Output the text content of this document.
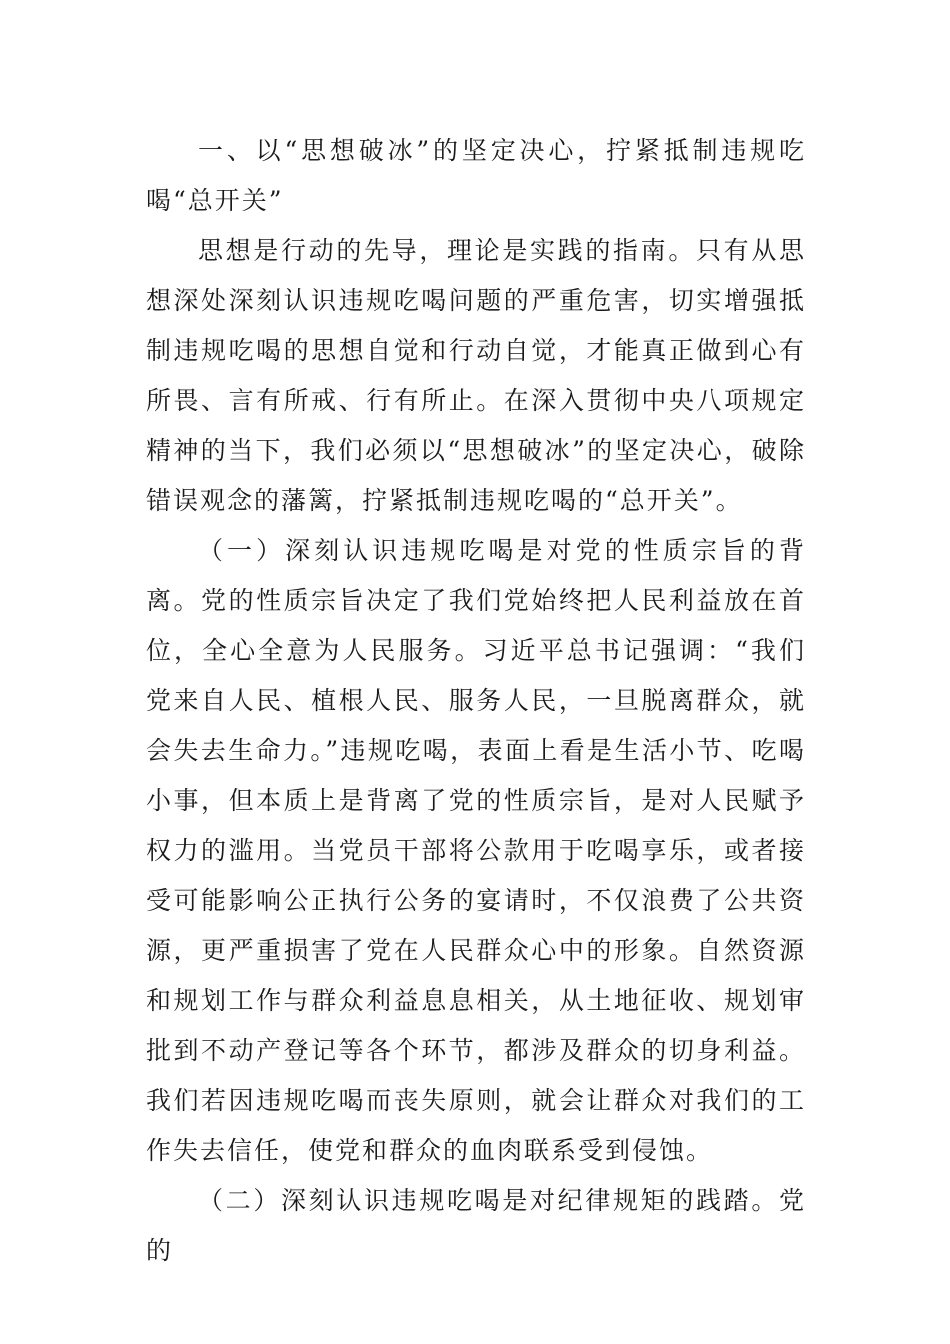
一、以“思想破冰”的坚定决心，拧紧抵制违规吃喝“总开关”

思想是行动的先导，理论是实践的指南。只有从思想深处深刻认识违规吃喝问题的严重危害，切实增强抵制违规吃喝的思想自觉和行动自觉，才能真正做到心有所畏、言有所戒、行有所止。在深入贯彻中央八项规定精神的当下，我们必须以“思想破冰”的坚定决心，破除错误观念的藩篱，拧紧抵制违规吃喝的“总开关”。

（一）深刻认识违规吃喝是对党的性质宗旨的背离。党的性质宗旨决定了我们党始终把人民利益放在首位，全心全意为人民服务。习近平总书记强调：“我们党来自人民、植根人民、服务人民，一旦脱离群众，就会失去生命力。”违规吃喝，表面上看是生活小节、吃喝小事，但本质上是背离了党的性质宗旨，是对人民赋予权力的滥用。当党员干部将公款用于吃喝享乐，或者接受可能影响公正执行公务的宴请时，不仅浪费了公共资源，更严重损害了党在人民群众心中的形象。自然资源和规划工作与群众利益息息相关，从土地征收、规划审批到不动产登记等各个环节，都涉及群众的切身利益。我们若因违规吃喝而丧失原则，就会让群众对我们的工作失去信任，使党和群众的血肉联系受到侵蚀。

（二）深刻认识违规吃喝是对纪律规矩的践踏。党的
